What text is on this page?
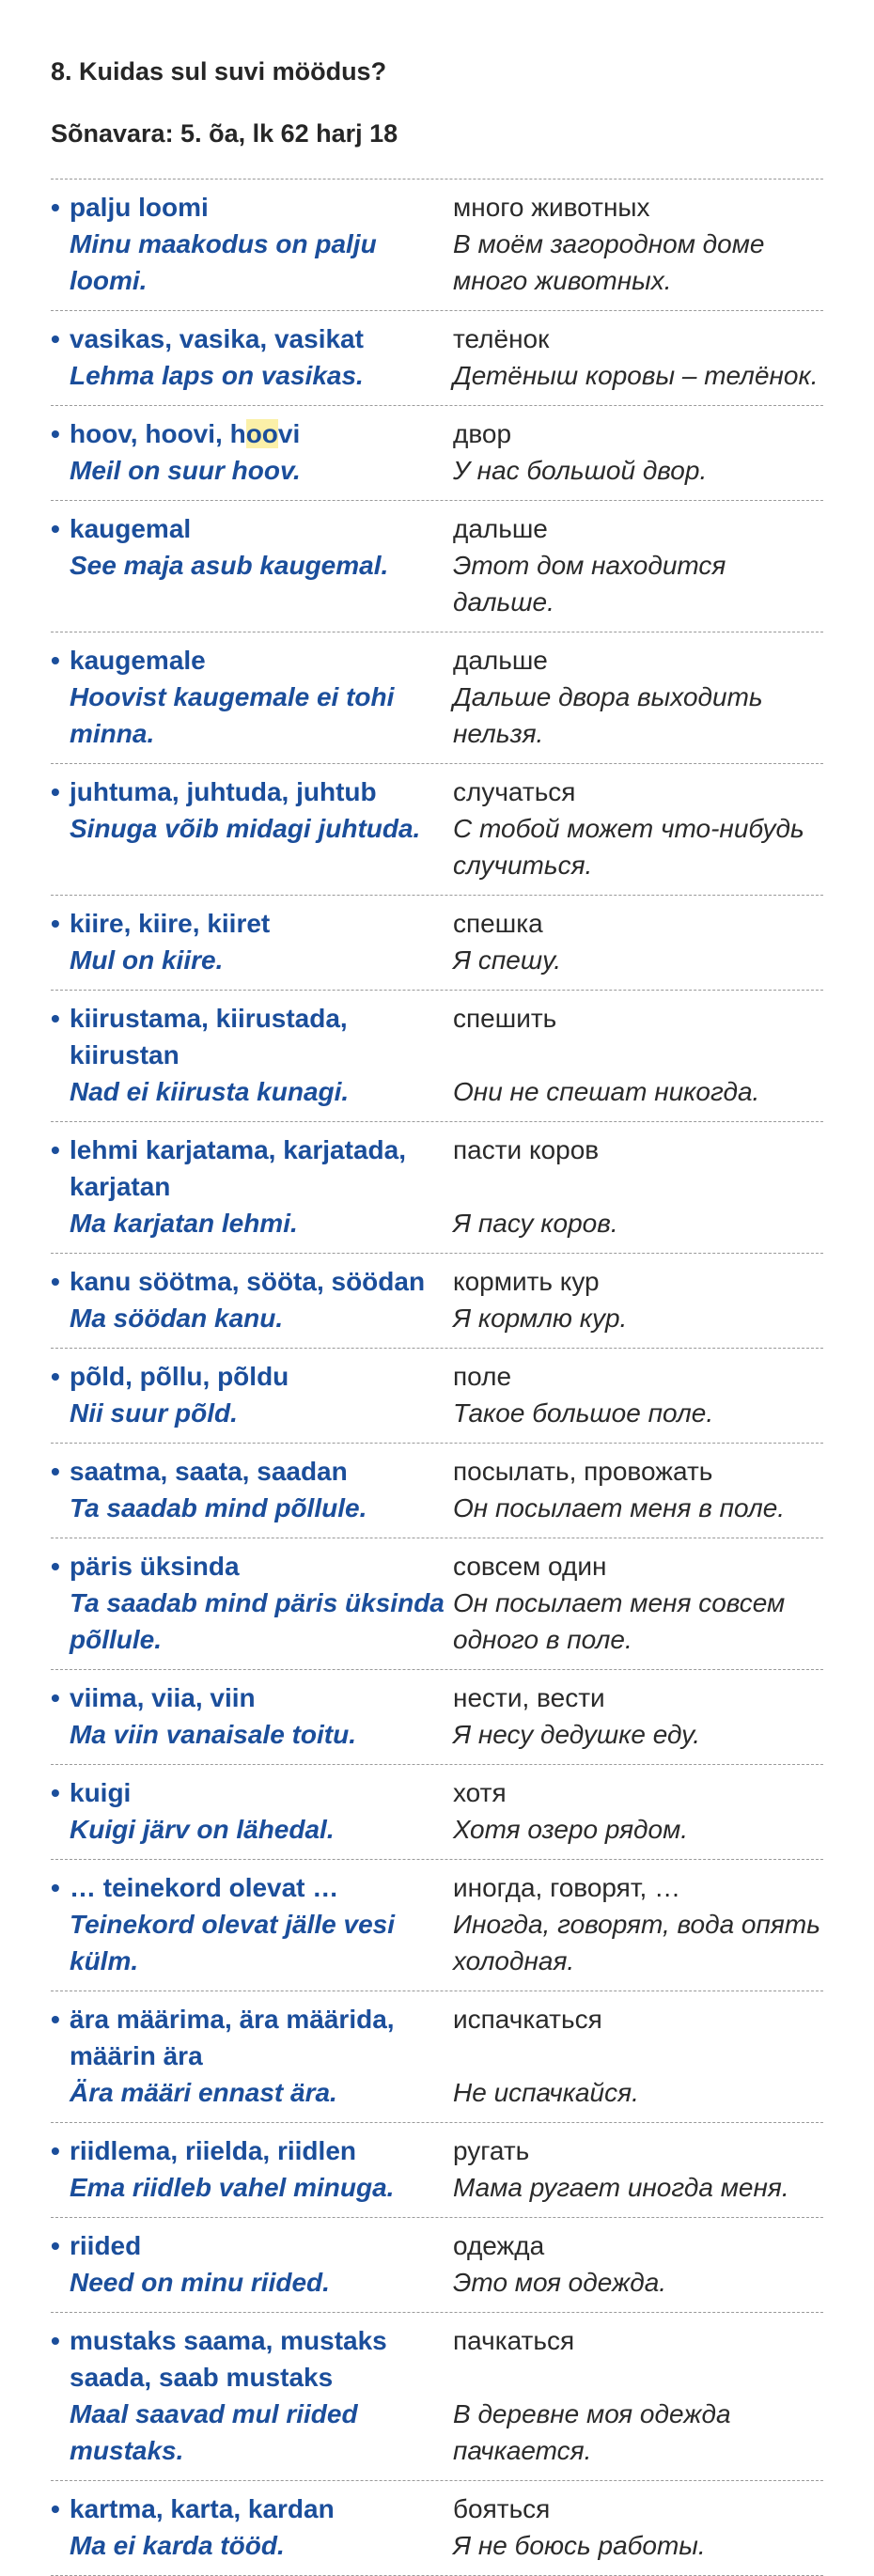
8. Kuidas sul suvi möödus?
Sõnavara: 5. õa, lk 62 harj 18
• palju loomi
Minu maakodus on palju loomi.
много животных
В моём загородном доме много животных.
• vasikas, vasika, vasikat
Lehma laps on vasikas.
телёнок
Детёныш коровы – телёнок.
• hoov, hoovi, hoovi
Meil on suur hoov.
двор
У нас большой двор.
• kaugemal
See maja asub kaugemal.
дальше
Этот дом находится дальше.
• kaugemale
Hoovist kaugemale ei tohi minna.
дальше
Дальше двора выходить нельзя.
• juhtuma, juhtuda, juhtub
Sinuga võib midagi juhtuda.
случаться
С тобой может что-нибудь случиться.
• kiire, kiire, kiiret
Mul on kiire.
спешка
Я спешу.
• kiirustama, kiirustada, kiirustan
Nad ei kiirusta kunagi.
спешить
Они не спешат никогда.
• lehmi karjatama, karjatada, karjatan
Ma karjatan lehmi.
пасти коров
Я пасу коров.
• kanu söötma, sööta, söödan
Ma söödan kanu.
кормить кур
Я кормлю кур.
• põld, põllu, põldu
Nii suur põld.
поле
Такое большое поле.
• saatma, saata, saadan
Ta saadab mind põllule.
посылать, провожать
Он посылает меня в поле.
• päris üksinda
Ta saadab mind päris üksinda põllule.
совсем один
Он посылает меня совсем одного в поле.
• viima, viia, viin
Ma viin vanaisale toitu.
нести, вести
Я несу дедушке еду.
• kuigi
Kuigi järv on lähedal.
хотя
Хотя озеро рядом.
• … teinekord olevat …
Teinekord olevat jälle vesi külm.
иногда, говорят, …
Иногда, говорят, вода опять холодная.
• ära määrima, ära määrida, määrin ära
Ära määri ennast ära.
испачкаться
Не испачкайся.
• riidlema, riielda, riidlen
Ema riidleb vahel minuga.
ругать
Мама ругает иногда меня.
• riided
Need on minu riided.
одежда
Это моя одежда.
• mustaks saama, mustaks saada, saab mustaks
Maal saavad mul riided mustaks.
пачкаться
В деревне моя одежда пачкается.
• kartma, karta, kardan
Ma ei karda tööd.
бояться
Я не боюсь работы.
